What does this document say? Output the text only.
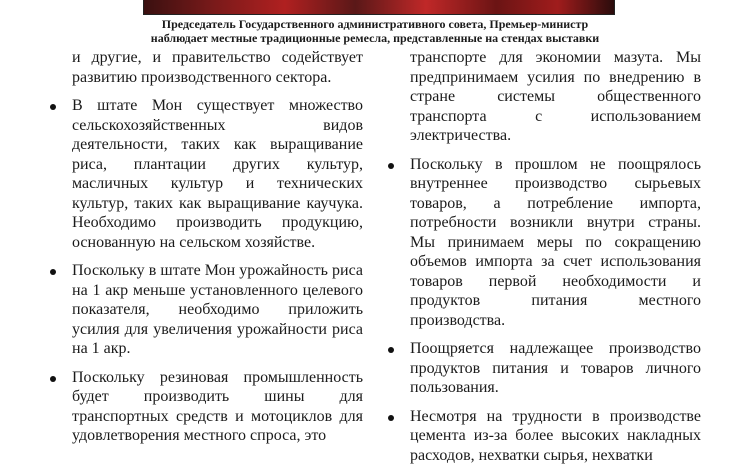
Председатель Государственного административного совета, Премьер-министр
наблюдает местные традиционные ремесла, представленные на стендах выставки
и другие, и правительство содействует развитию производственного сектора.
В штате Мон существует множество сельскохозяйственных видов деятельности, таких как выращивание риса, плантации других культур, масличных культур и технических культур, таких как выращивание каучука. Необходимо производить продукцию, основанную на сельском хозяйстве.
Поскольку в штате Мон урожайность риса на 1 акр меньше установленного целевого показателя, необходимо приложить усилия для увеличения урожайности риса на 1 акр.
Поскольку резиновая промышленность будет производить шины для транспортных средств и мотоциклов для удовлетворения местного спроса, это
транспорте для экономии мазута. Мы предпринимаем усилия по внедрению в стране системы общественного транспорта с использованием электричества.
Поскольку в прошлом не поощрялось внутреннее производство сырьевых товаров, а потребление импорта, потребности возникли внутри страны. Мы принимаем меры по сокращению объемов импорта за счет использования товаров первой необходимости и продуктов питания местного производства.
Поощряется надлежащее производство продуктов питания и товаров личного пользования.
Несмотря на трудности в производстве цемента из-за более высоких накладных расходов, нехватки сырья, нехватки
